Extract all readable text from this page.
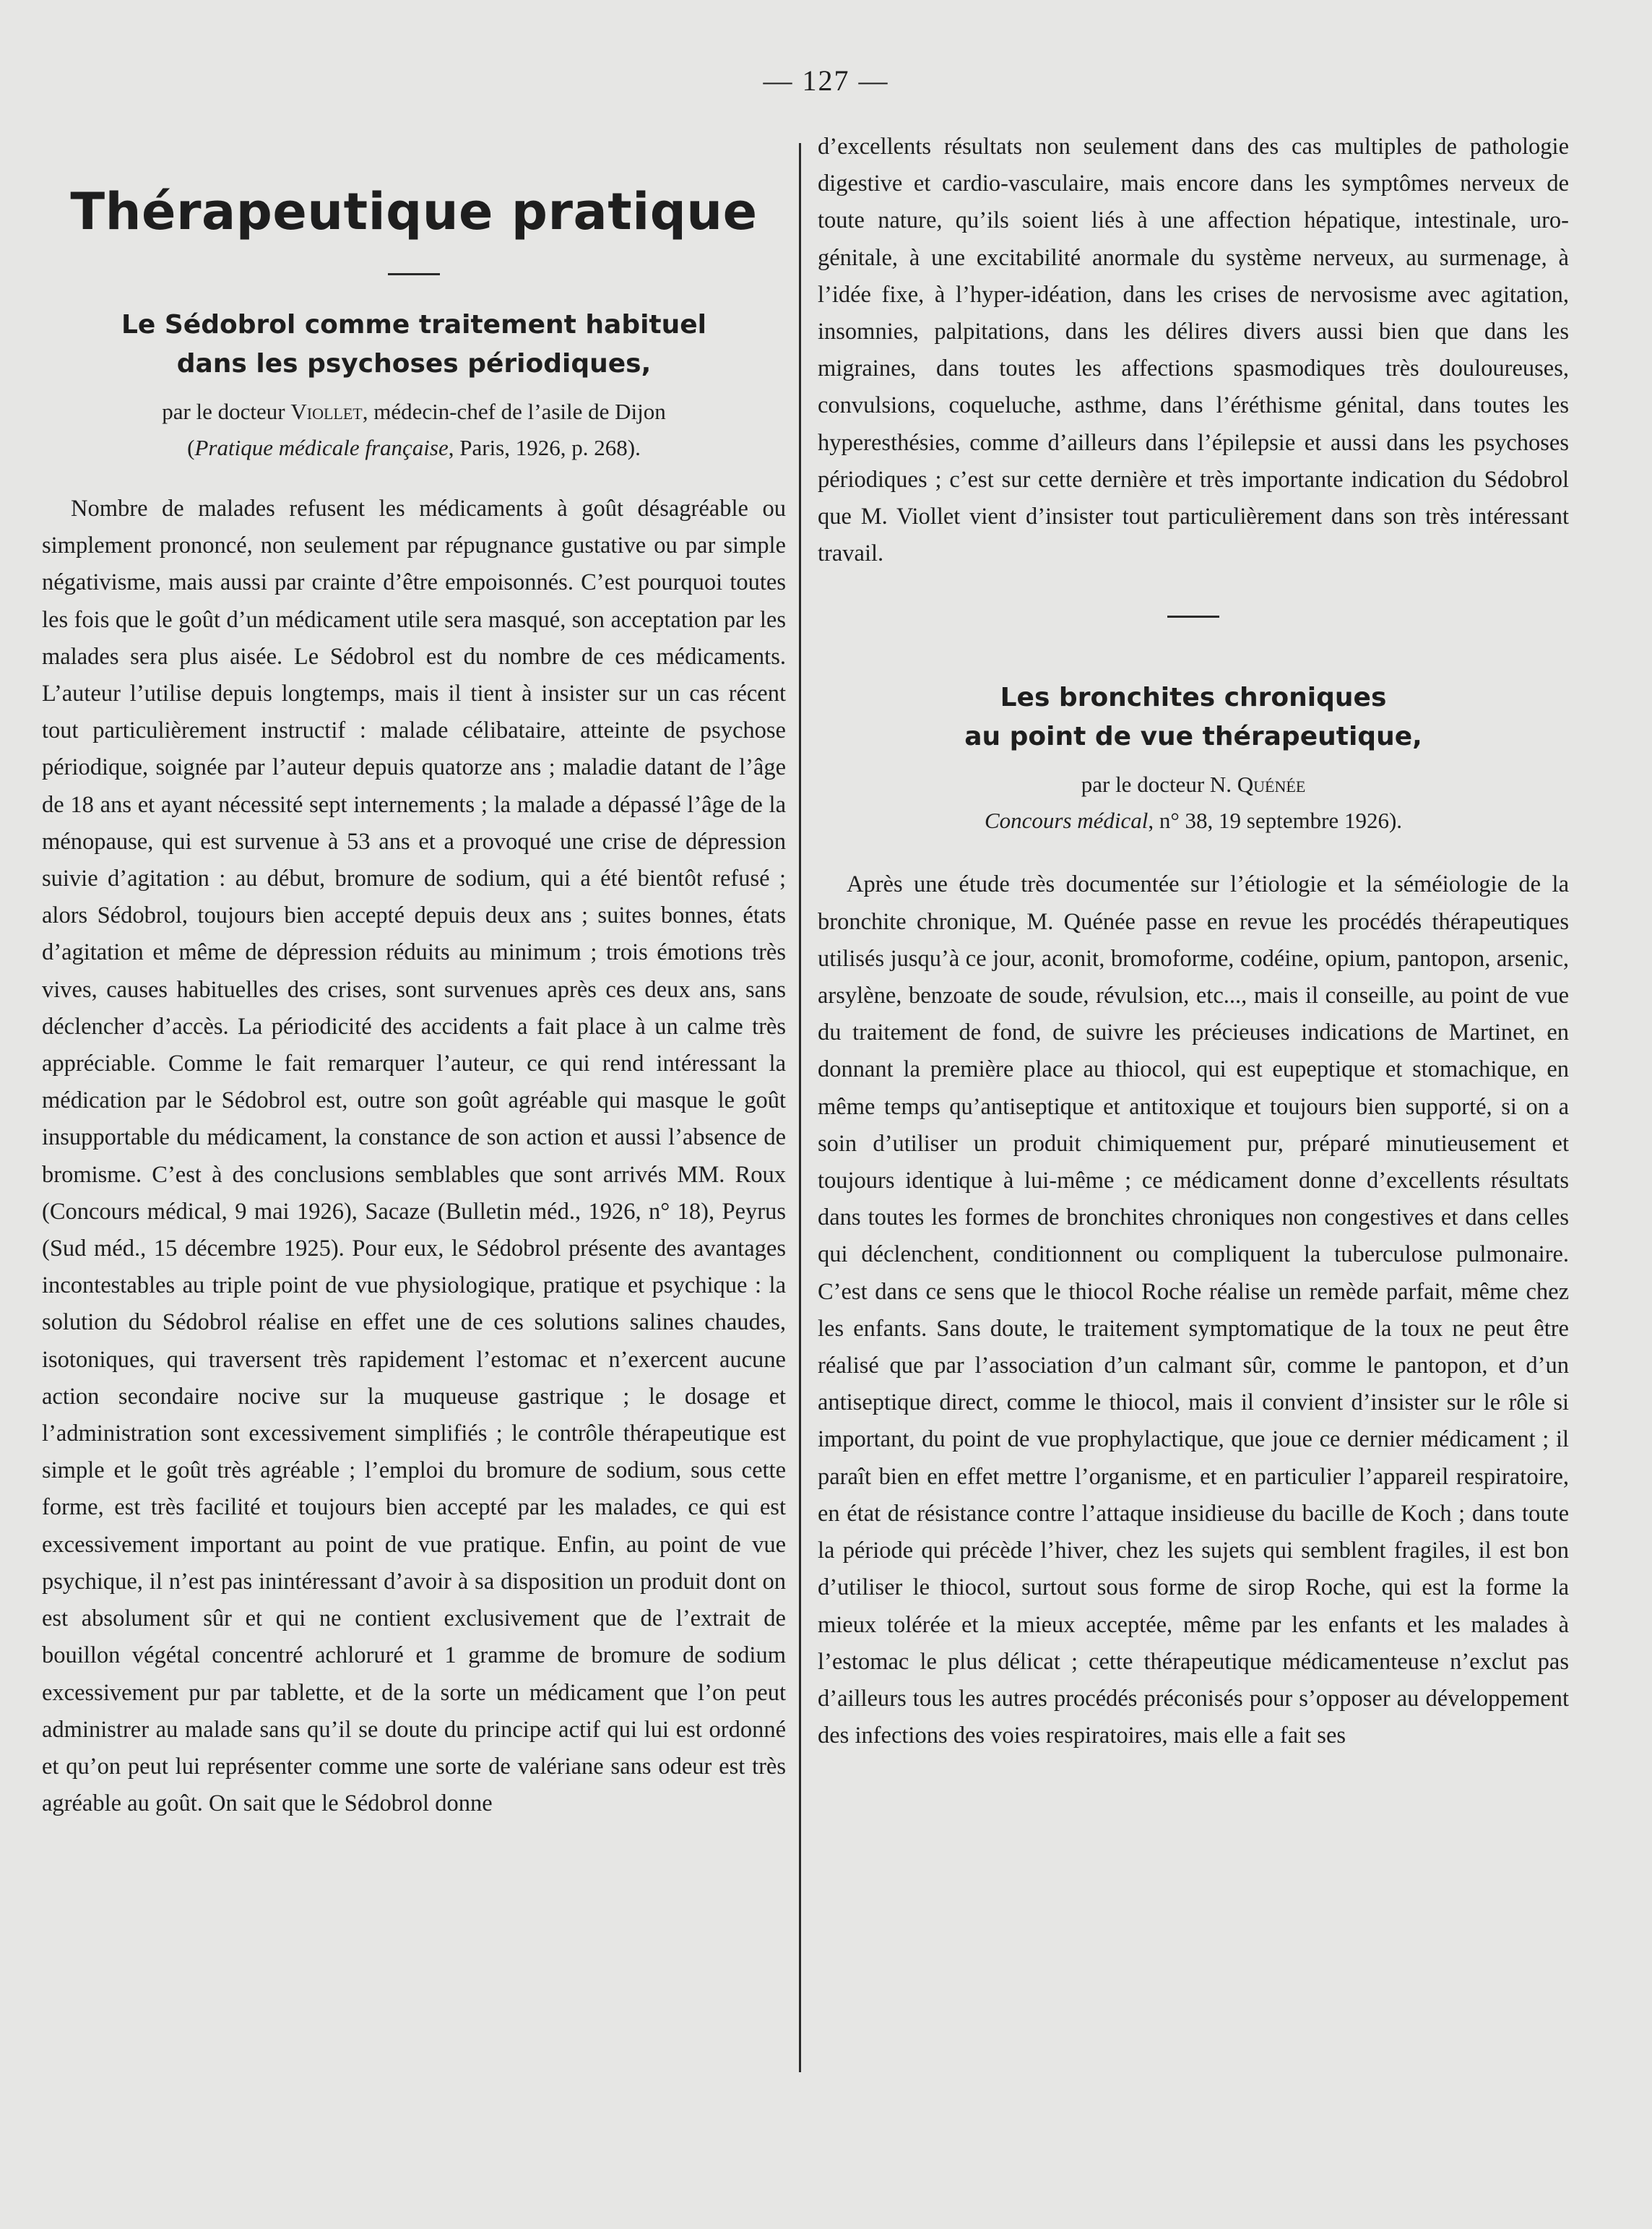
— 127 —
Thérapeutique pratique
Le Sédobrol comme traitement habituel
dans les psychoses périodiques,

par le docteur Viollet, médecin-chef de l’asile de Dijon

(Pratique médicale française, Paris, 1926, p. 268).

Nombre de malades refusent les médicaments à goût désagréable ou simplement prononcé, non seulement par répugnance gustative ou par simple négativisme, mais aussi par crainte d’être empoisonnés. C’est pourquoi toutes les fois que le goût d’un médicament utile sera masqué, son acceptation par les malades sera plus aisée. Le Sédobrol est du nombre de ces médicaments. L’auteur l’utilise depuis longtemps, mais il tient à insister sur un cas récent tout particulièrement instructif : malade célibataire, atteinte de psychose périodique, soignée par l’auteur depuis quatorze ans ; maladie datant de l’âge de 18 ans et ayant nécessité sept internements ; la malade a dépassé l’âge de la ménopause, qui est survenue à 53 ans et a provoqué une crise de dépression suivie d’agitation : au début, bromure de sodium, qui a été bientôt refusé ; alors Sédobrol, toujours bien accepté depuis deux ans ; suites bonnes, états d’agitation et même de dépression réduits au minimum ; trois émotions très vives, causes habituelles des crises, sont survenues après ces deux ans, sans déclencher d’accès. La périodicité des accidents a fait place à un calme très appréciable. Comme le fait remarquer l’auteur, ce qui rend intéressant la médication par le Sédobrol est, outre son goût agréable qui masque le goût insupportable du médicament, la constance de son action et aussi l’absence de bromisme. C’est à des conclusions semblables que sont arrivés MM. Roux (Concours médical, 9 mai 1926), Sacaze (Bulletin méd., 1926, n° 18), Peyrus (Sud méd., 15 décembre 1925). Pour eux, le Sédobrol présente des avantages incontestables au triple point de vue physiologique, pratique et psychique : la solution du Sédobrol réalise en effet une de ces solutions salines chaudes, isotoniques, qui traversent très rapidement l’estomac et n’exercent aucune action secondaire nocive sur la muqueuse gastrique ; le dosage et l’administration sont excessivement simplifiés ; le contrôle thérapeutique est simple et le goût très agréable ; l’emploi du bromure de sodium, sous cette forme, est très facilité et toujours bien accepté par les malades, ce qui est excessivement important au point de vue pratique. Enfin, au point de vue psychique, il n’est pas inintéressant d’avoir à sa disposition un produit dont on est absolument sûr et qui ne contient exclusivement que de l’extrait de bouillon végétal concentré achloruré et 1 gramme de bromure de sodium excessivement pur par tablette, et de la sorte un médicament que l’on peut administrer au malade sans qu’il se doute du principe actif qui lui est ordonné et qu’on peut lui représenter comme une sorte de valériane sans odeur est très agréable au goût. On sait que le Sédobrol donne

d’excellents résultats non seulement dans des cas multiples de pathologie digestive et cardio-vasculaire, mais encore dans les symptômes nerveux de toute nature, qu’ils soient liés à une affection hépatique, intestinale, uro-génitale, à une excitabilité anormale du système nerveux, au surmenage, à l’idée fixe, à l’hyper-idéation, dans les crises de nervosisme avec agitation, insomnies, palpitations, dans les délires divers aussi bien que dans les migraines, dans toutes les affections spasmodiques très douloureuses, convulsions, coqueluche, asthme, dans l’éréthisme génital, dans toutes les hyperesthésies, comme d’ailleurs dans l’épilepsie et aussi dans les psychoses périodiques ; c’est sur cette dernière et très importante indication du Sédobrol que M. Viollet vient d’insister tout particulièrement dans son très intéressant travail.

Les bronchites chroniques
au point de vue thérapeutique,

par le docteur N. Quénée

Concours médical, n° 38, 19 septembre 1926).

Après une étude très documentée sur l’étiologie et la séméiologie de la bronchite chronique, M. Quénée passe en revue les procédés thérapeutiques utilisés jusqu’à ce jour, aconit, bromoforme, codéine, opium, pantopon, arsenic, arsylène, benzoate de soude, révulsion, etc..., mais il conseille, au point de vue du traitement de fond, de suivre les précieuses indications de Martinet, en donnant la première place au thiocol, qui est eupeptique et stomachique, en même temps qu’antiseptique et antitoxique et toujours bien supporté, si on a soin d’utiliser un produit chimiquement pur, préparé minutieusement et toujours identique à lui-même ; ce médicament donne d’excellents résultats dans toutes les formes de bronchites chroniques non congestives et dans celles qui déclenchent, conditionnent ou compliquent la tuberculose pulmonaire. C’est dans ce sens que le thiocol Roche réalise un remède parfait, même chez les enfants. Sans doute, le traitement symptomatique de la toux ne peut être réalisé que par l’association d’un calmant sûr, comme le pantopon, et d’un antiseptique direct, comme le thiocol, mais il convient d’insister sur le rôle si important, du point de vue prophylactique, que joue ce dernier médicament ; il paraît bien en effet mettre l’organisme, et en particulier l’appareil respiratoire, en état de résistance contre l’attaque insidieuse du bacille de Koch ; dans toute la période qui précède l’hiver, chez les sujets qui semblent fragiles, il est bon d’utiliser le thiocol, surtout sous forme de sirop Roche, qui est la forme la mieux tolérée et la mieux acceptée, même par les enfants et les malades à l’estomac le plus délicat ; cette thérapeutique médicamenteuse n’exclut pas d’ailleurs tous les autres procédés préconisés pour s’opposer au développement des infections des voies respiratoires, mais elle a fait ses
